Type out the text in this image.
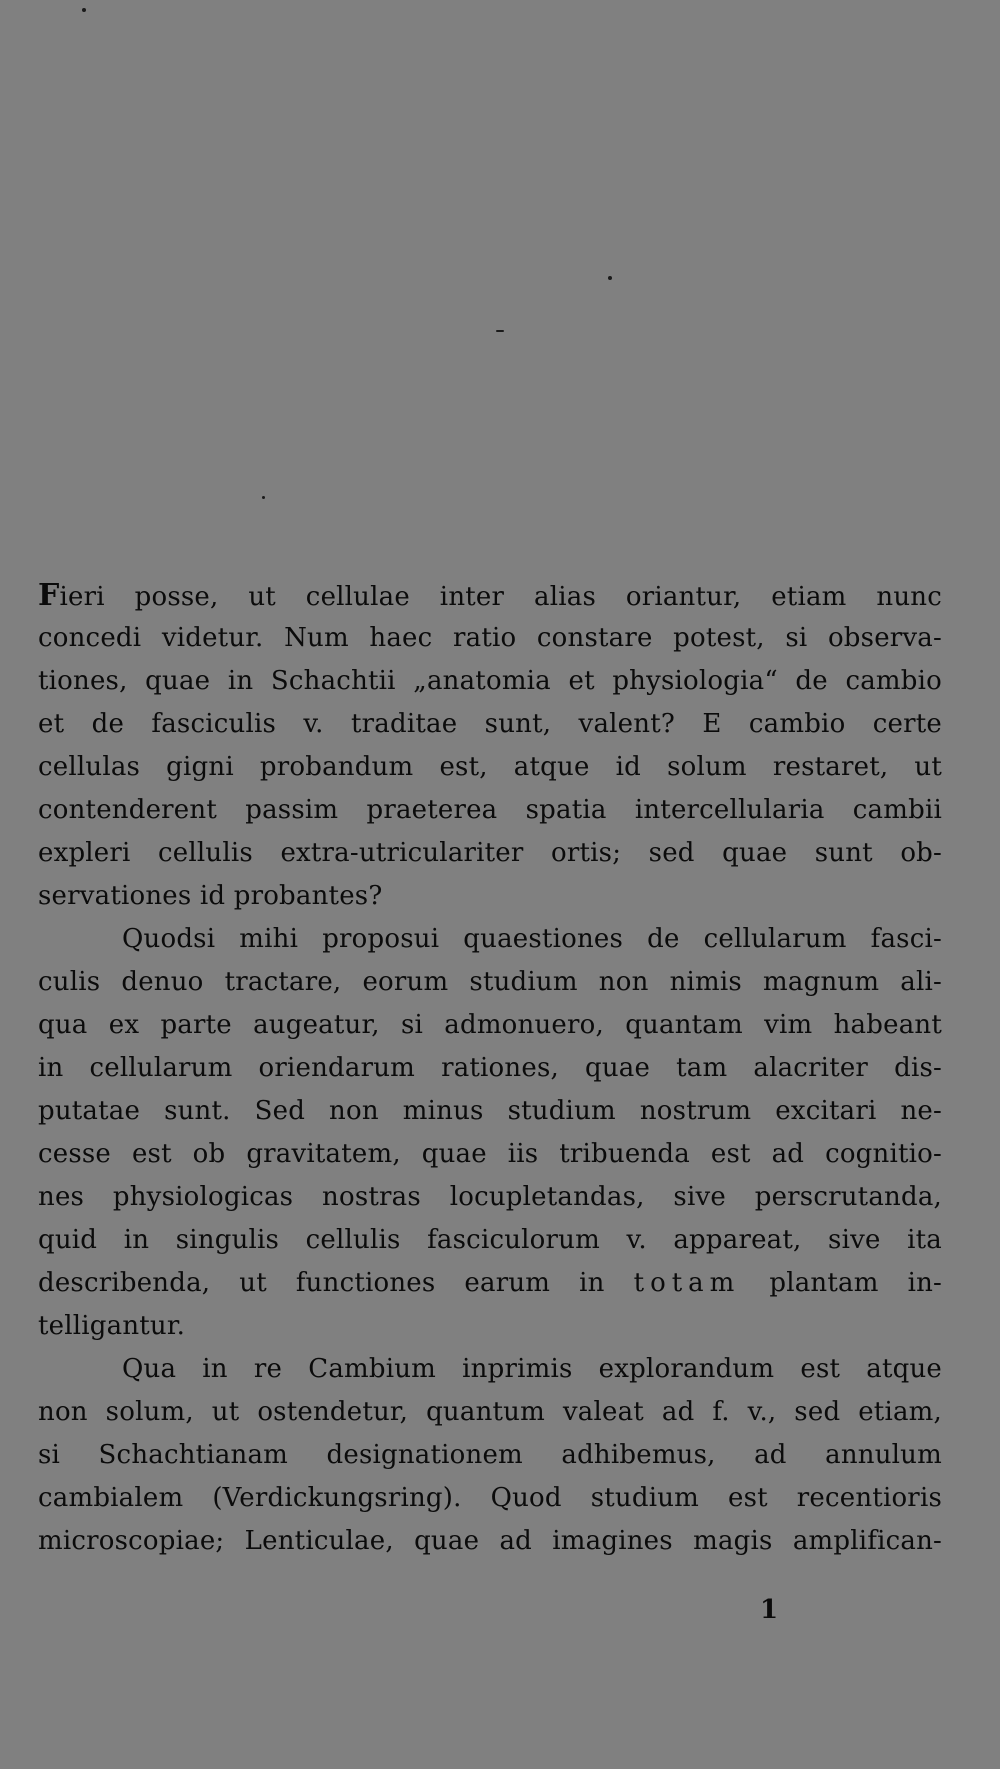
Fieri posse, ut cellulae inter alias oriantur, etiam nunc
concedi videtur. Num haec ratio constare potest, si observa-
tiones, quae in Schachtii „anatomia et physiologia“ de cambio
et de fasciculis v. traditae sunt, valent? E cambio certe
cellulas gigni probandum est, atque id solum restaret, ut
contenderent passim praeterea spatia intercellularia cambii
expleri cellulis extra-utriculariter ortis; sed quae sunt ob-
servationes id probantes?
Quodsi mihi proposui quaestiones de cellularum fasci-
culis denuo tractare, eorum studium non nimis magnum ali-
qua ex parte augeatur, si admonuero, quantam vim habeant
in cellularum oriendarum rationes, quae tam alacriter dis-
putatae sunt. Sed non minus studium nostrum excitari ne-
cesse est ob gravitatem, quae iis tribuenda est ad cognitio-
nes physiologicas nostras locupletandas, sive perscrutanda,
quid in singulis cellulis fasciculorum v. appareat, sive ita
describenda, ut functiones earum in totam plantam in-
telligantur.
Qua in re Cambium inprimis explorandum est atque
non solum, ut ostendetur, quantum valeat ad f. v., sed etiam,
si Schachtianam designationem adhibemus, ad annulum
cambialem (Verdickungsring). Quod studium est recentioris
microscopiae; Lenticulae, quae ad imagines magis amplifican-
1
